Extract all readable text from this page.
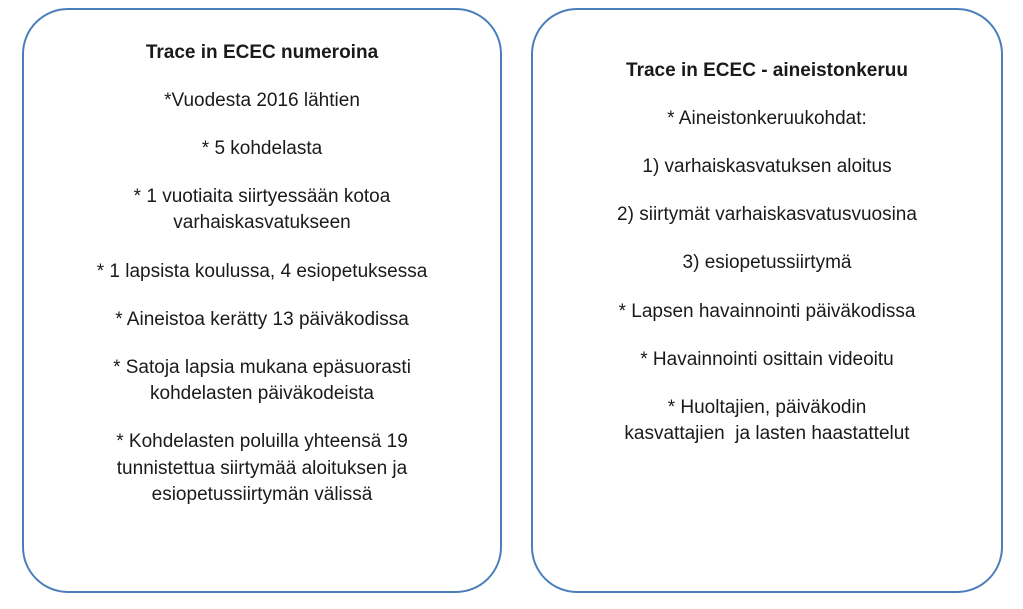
Trace in ECEC numeroina

*Vuodesta 2016 lähtien

* 5 kohdelasta

* 1 vuotiaita siirtyessään kotoa

varhaiskasvatukseen

* 1 lapsista koulussa, 4 esiopetuksessa

* Aineistoa kerätty 13 päiväkodissa

* Satoja lapsia mukana epäsuorasti

kohdelasten päiväkodeista

* Kohdelasten poluilla yhteensä 19

tunnistettua siirtymää aloituksen ja

esiopetussiirtymän välissä

Trace in ECEC - aineistonkeruu

* Aineistonkeruukohdat:

1) varhaiskasvatuksen aloitus

2) siirtymät varhaiskasvatusvuosina

3) esiopetussiirtymä

* Lapsen havainnointi päiväkodissa

* Havainnointi osittain videoitu

* Huoltajien, päiväkodin

kasvattajien  ja lasten haastattelut
